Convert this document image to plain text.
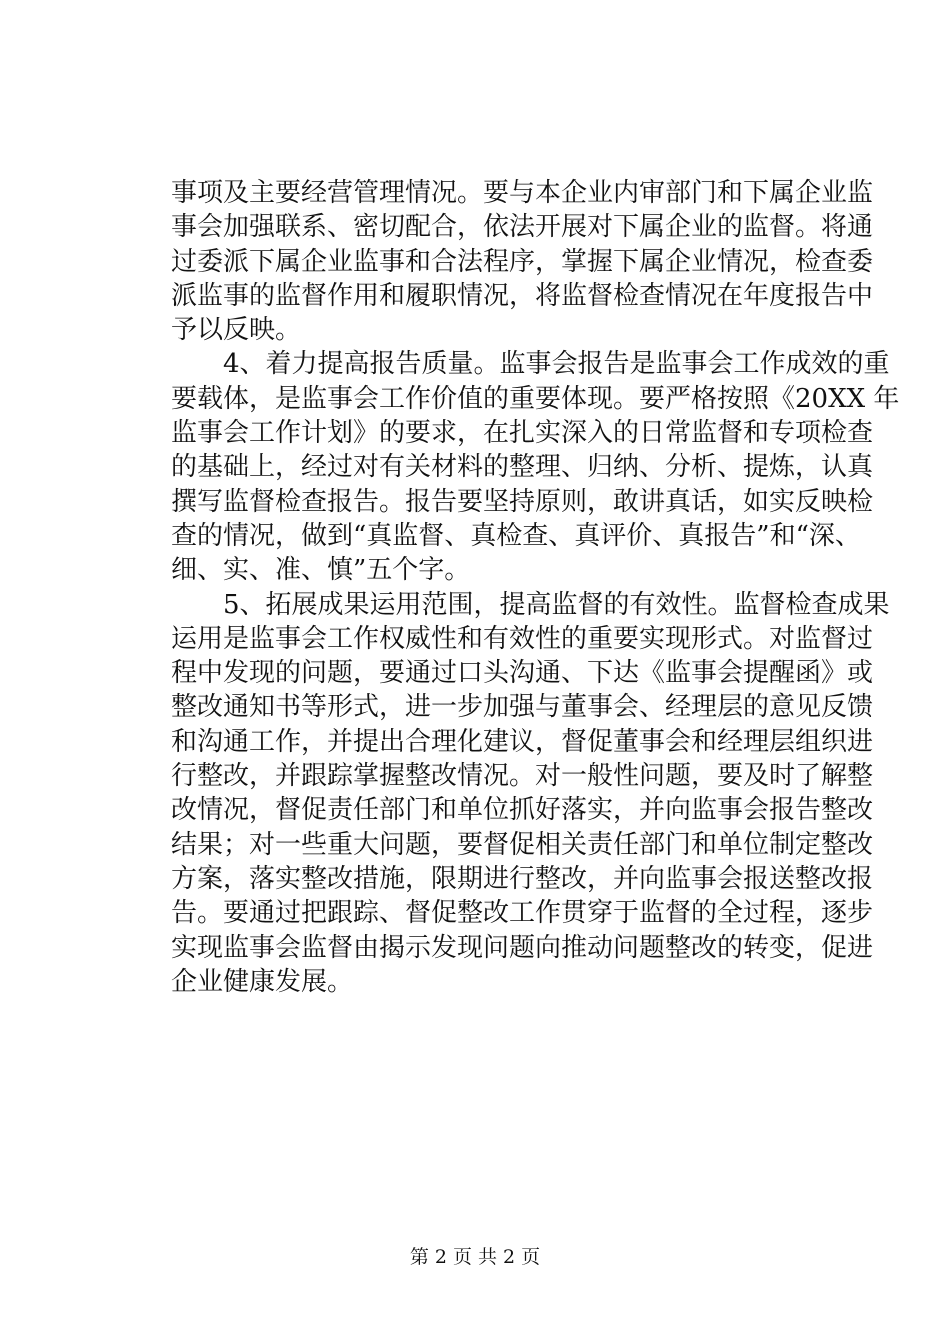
事项及主要经营管理情况。要与本企业内审部门和下属企业监
事会加强联系、密切配合，依法开展对下属企业的监督。将通
过委派下属企业监事和合法程序，掌握下属企业情况，检查委
派监事的监督作用和履职情况，将监督检查情况在年度报告中
予以反映。
　　4、着力提高报告质量。监事会报告是监事会工作成效的重
要载体，是监事会工作价值的重要体现。要严格按照《20XX 年
监事会工作计划》的要求，在扎实深入的日常监督和专项检查
的基础上，经过对有关材料的整理、归纳、分析、提炼，认真
撰写监督检查报告。报告要坚持原则，敢讲真话，如实反映检
查的情况，做到“真监督、真检查、真评价、真报告”和“深、
细、实、准、慎”五个字。
　　5、拓展成果运用范围，提高监督的有效性。监督检查成果
运用是监事会工作权威性和有效性的重要实现形式。对监督过
程中发现的问题，要通过口头沟通、下达《监事会提醒函》或
整改通知书等形式，进一步加强与董事会、经理层的意见反馈
和沟通工作，并提出合理化建议，督促董事会和经理层组织进
行整改，并跟踪掌握整改情况。对一般性问题，要及时了解整
改情况，督促责任部门和单位抓好落实，并向监事会报告整改
结果；对一些重大问题，要督促相关责任部门和单位制定整改
方案，落实整改措施，限期进行整改，并向监事会报送整改报
告。要通过把跟踪、督促整改工作贯穿于监督的全过程，逐步
实现监事会监督由揭示发现问题向推动问题整改的转变，促进
企业健康发展。
第 2 页 共 2 页
